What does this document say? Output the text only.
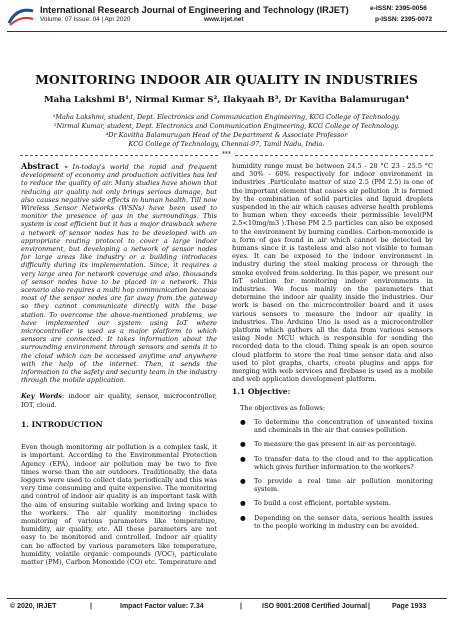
International Research Journal of Engineering and Technology (IRJET)
Volume: 07 Issue: 04 | Apr 2020	www.irjet.net
e-ISSN: 2395-0056
p-ISSN: 2395-0072
MONITORING INDOOR AIR QUALITY IN INDUSTRIES
Maha Lakshmi B¹, Nirmal Kumar S², Ilakyaah B³, Dr Kavitha Balamurugan⁴
¹Maha Lakshmi, student, Dept. Electronics and Communication Engineering, KCG College of Technology.
²Nirmal Kumar, student, Dept. Electronics and Communication Engineering, KCG College of Technology.
⁴Dr Kavitha Balamurugan Head of the Department & Associate Professor
KCG College of Technology, Chennai-97, Tamil Nadu, India.
***
Abstract - In-today's world the rapid and frequent development of economy and production activities has led to reduce the quality of air. Many studies have shown that reducing air quality not only brings serious damage, but also causes negative side effects in human health. Till now Wireless Sensor Networks (WSNs) have been used to monitor the presence of gas in the surroundings. This system is cost efficient but it has a major drawback where a network of sensor nodes has to be developed with an appropriate routing protocol to cover a large indoor environment, but developing a network of sensor nodes for large areas like industry or a building introduces difficulty during its implementation. Since, it requires a very large area for network coverage and also, thousands of sensor nodes have to be placed in a network. This scenario also requires a multi hop communication because most of the sensor nodes are far away from the gateway so they cannot communicate directly with the base station. To overcome the above-mentioned problems, we have implemented our system using IoT where microcontroller is used as a major platform to which sensors are connected. It takes information about the surrounding environment through sensors and sends it to the cloud which can be accessed anytime and anywhere with the help of the internet. Then, it sends the information to the safety and security team in the industry through the mobile application.
Key Words: indoor air quality, sensor, microcontroller, IOT, cloud.
1. INTRODUCTION

Even though monitoring air pollution is a complex task, it is important. According to the Environmental Protection Agency (EPA), indoor air pollution may be two to five times worse than the air outdoors. Traditionally, the data loggers were used to collect data periodically and this was very time consuming and quite expensive. The monitoring and control of indoor air quality is an important task with the aim of ensuring suitable working and living space to the workers. The air quality monitoring includes monitoring of various parameters like temperature, humidity, air quality, etc. All these parameters are not easy to be monitored and controlled. Indoor air quality can be affected by various parameters like temperature, humidity, volatile organic compounds (VOC), particulate matter (PM), Carbon Monoxide (CO) etc. Temperature and

humidity range must be between 24.5 - 28 °C 23 - 25.5 °C and 30% - 60% respectively for indoor environment in industries .Particulate matter of size 2.5 (PM 2.5) is one of the important element that causes air pollution .It is formed by the combination of solid particles and liquid droplets suspended in the air which causes adverse health problems to human when they exceeds their permissible level(PM 2.5<10mg/m3 ).These PM 2.5 particles can also be exposed to the environment by burning candles. Carbon-monoxide is a form of gas found in air which cannot be detected by humans since it is tasteless and also not visible to human eyes. It can be exposed to the indoor environment in industry during the steel making process or through the smoke evolved from soldering. In this paper, we present our IoT solution for monitoring indoor environments in industries. We focus mainly on the parameters that determine the indoor air quality inside the industries. Our work is based on the microcontroller board and it uses various sensors to measure the indoor air quality in industries. The Arduino Uno is used as a microcontroller platform which gathers all the data from various sensors using Node MCU which is responsible for sending the recorded data to the cloud. Thing speak is an open source cloud platform to store the real time sensor data and also used to plot graphs, charts, create plugins and apps for merging with web services and firebase is used as a mobile and web application development platform.

1.1 Objective:
The objectives as follows:
● To determine the concentration of unwanted toxins and chemicals in the air that causes pollution.
● To measure the gas present in air as percentage.
● To transfer data to the cloud and to the application which gives further information to the workers?
● To provide a real time air pollution monitoring system.
● To build a cost efficient, portable system.
● Depending on the sensor data, serious health issues to the people working in industry can be avoided.
© 2020, IRJET	|	Impact Factor value: 7.34	|	ISO 9001:2008 Certified Journal |	Page 1933
